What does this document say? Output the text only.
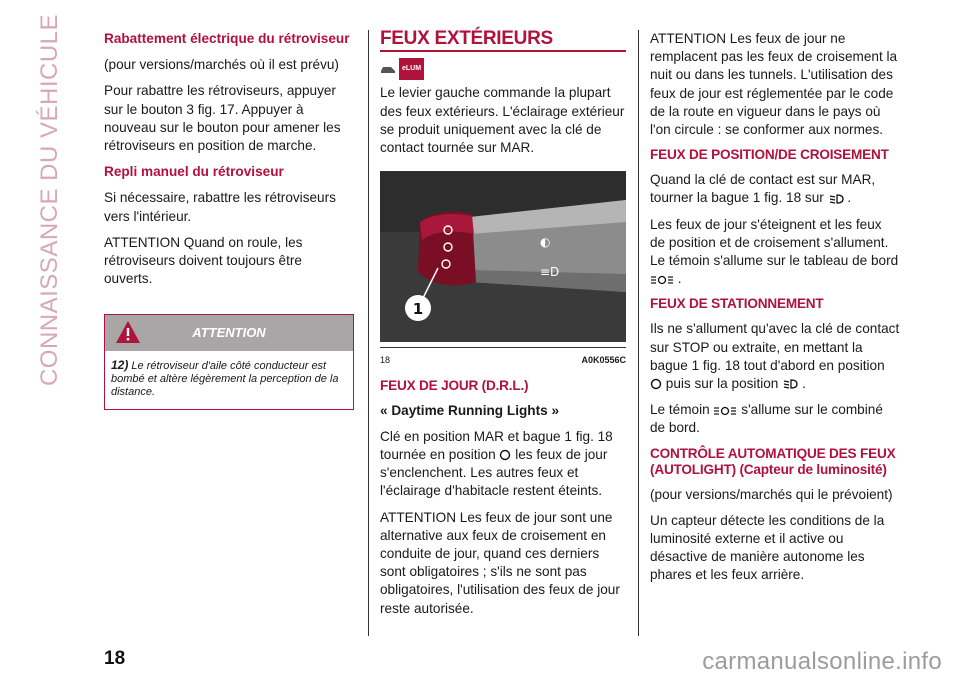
CONNAISSANCE DU VÉHICULE	Rabattement électrique du rétroviseur

(pour versions/marchés où il est prévu)

Pour rabattre les rétroviseurs, appuyer sur le bouton 3 fig. 17. Appuyer à nouveau sur le bouton pour amener les rétroviseurs en position de marche.

Repli manuel du rétroviseur

Si nécessaire, rabattre les rétroviseurs vers l'intérieur.

ATTENTION Quand on roule, les rétroviseurs doivent toujours être ouverts.

ATTENTION
12) Le rétroviseur d'aile côté conducteur est bombé et altère légèrement la perception de la distance.
FEUX EXTÉRIEURS
eLUM

Le levier gauche commande la plupart des feux extérieurs. L'éclairage extérieur se produit uniquement avec la clé de contact tournée sur MAR.

◐
≡D
1
18	A0K0556C

FEUX DE JOUR (D.R.L.)

« Daytime Running Lights »

Clé en position MAR et bague 1 fig. 18 tournée en position les feux de jour s'enclenchent. Les autres feux et l'éclairage d'habitacle restent éteints.

ATTENTION Les feux de jour sont une alternative aux feux de croisement en conduite de jour, quand ces derniers sont obligatoires ; s'ils ne sont pas obligatoires, l'utilisation des feux de jour reste autorisée.

ATTENTION Les feux de jour ne remplacent pas les feux de croisement la nuit ou dans les tunnels. L'utilisation des feux de jour est réglementée par le code de la route en vigueur dans le pays où l'on circule : se conformer aux normes.

FEUX DE POSITION/DE CROISEMENT

Quand la clé de contact est sur MAR, tourner la bague 1 fig. 18 sur .

Les feux de jour s'éteignent et les feux de position et de croisement s'allument. Le témoin s'allume sur le tableau de bord  .

FEUX DE STATIONNEMENT

Ils ne s'allument qu'avec la clé de contact sur STOP ou extraite, en mettant la bague 1 fig. 18 tout d'abord en position  puis sur la position .

Le témoin s'allume sur le combiné de bord.

CONTRÔLE AUTOMATIQUE DES FEUX (AUTOLIGHT) (Capteur de luminosité)

(pour versions/marchés qui le prévoient)

Un capteur détecte les conditions de la luminosité externe et il active ou désactive de manière autonome les phares et les feux arrière.

18	carmanualsonline.info
